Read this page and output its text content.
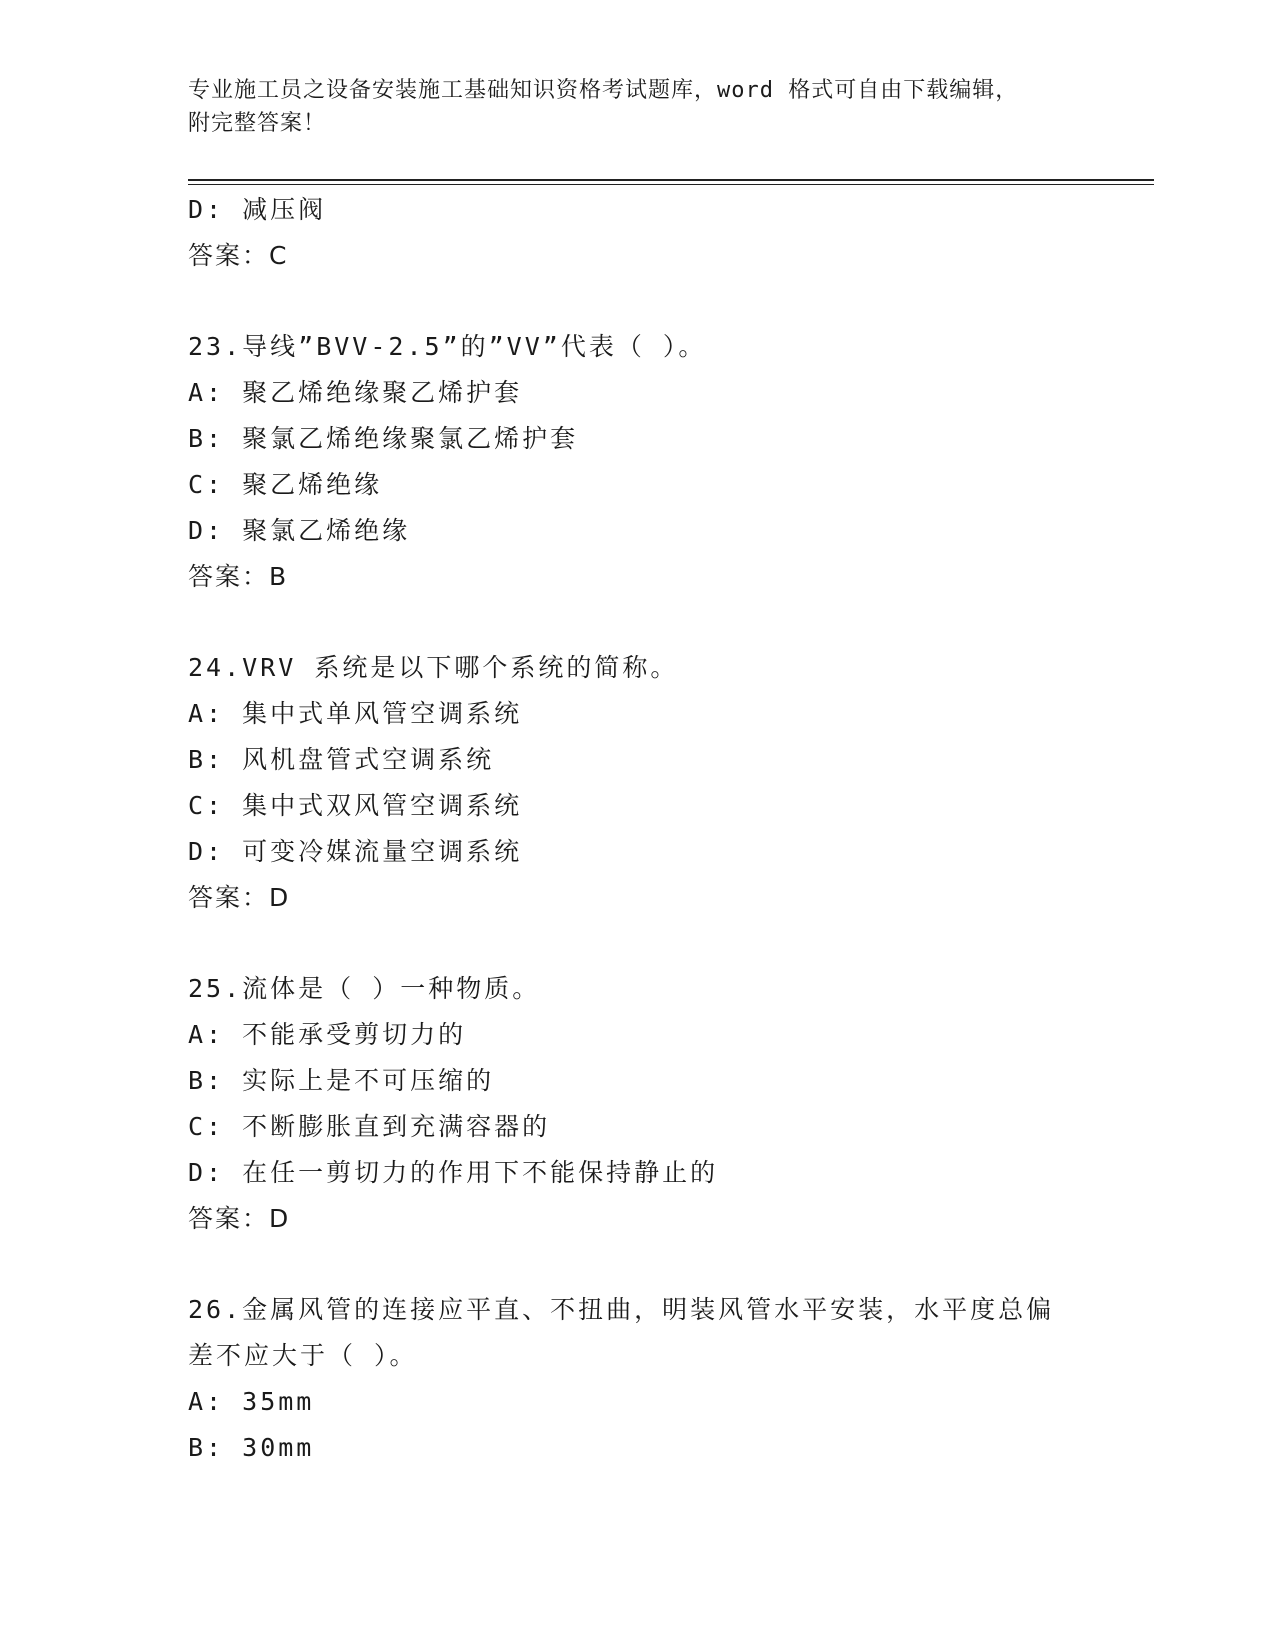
专业施工员之设备安装施工基础知识资格考试题库，word 格式可自由下载编辑，
附完整答案！
D: 减压阀
答案：C
23.导线”BVV-2.5”的”VV”代表（ ）。
A: 聚乙烯绝缘聚乙烯护套
B: 聚氯乙烯绝缘聚氯乙烯护套
C: 聚乙烯绝缘
D: 聚氯乙烯绝缘
答案：B
24.VRV 系统是以下哪个系统的简称。
A: 集中式单风管空调系统
B: 风机盘管式空调系统
C: 集中式双风管空调系统
D: 可变冷媒流量空调系统
答案：D
25.流体是（ ）一种物质。
A: 不能承受剪切力的
B: 实际上是不可压缩的
C: 不断膨胀直到充满容器的
D: 在任一剪切力的作用下不能保持静止的
答案：D
26.金属风管的连接应平直、不扭曲，明装风管水平安装，水平度总偏
差不应大于（ ）。
A: 35mm
B: 30mm
